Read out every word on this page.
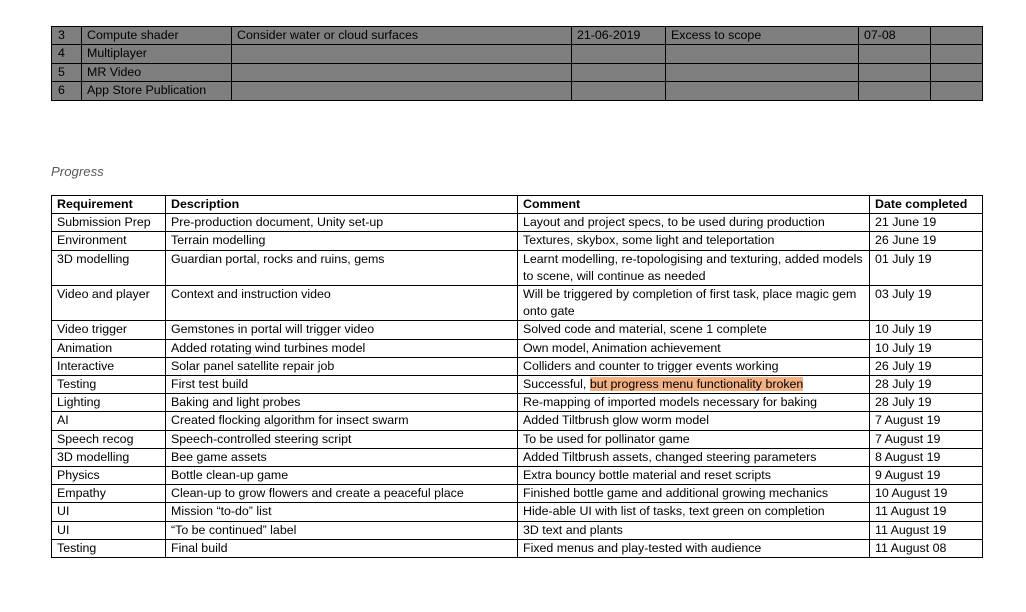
3	Compute shader	Consider water or cloud surfaces	21-06-2019	Excess to scope	07-08	
4	Multiplayer					
5	MR Video					
6	App Store Publication					
Progress
Requirement	Description	Comment	Date completed
Submission Prep	Pre-production document, Unity set-up	Layout and project specs, to be used during production	21 June 19
Environment	Terrain modelling	Textures, skybox, some light and teleportation	26 June 19
3D modelling	Guardian portal, rocks and ruins, gems	Learnt modelling, re-topologising and texturing, added models to scene, will continue as needed	01 July 19
Video and player	Context and instruction video	Will be triggered by completion of first task, place magic gem onto gate	03 July 19
Video trigger	Gemstones in portal will trigger video	Solved code and material, scene 1 complete	10 July 19
Animation	Added rotating wind turbines model	Own model, Animation achievement	10 July 19
Interactive	Solar panel satellite repair job	Colliders and counter to trigger events working	26 July 19
Testing	First test build	Successful, but progress menu functionality broken	28 July 19
Lighting	Baking and light probes	Re-mapping of imported models necessary for baking	28 July 19
AI	Created flocking algorithm for insect swarm	Added Tiltbrush glow worm model	7 August 19
Speech recog	Speech-controlled steering script	To be used for pollinator game	7 August 19
3D modelling	Bee game assets	Added Tiltbrush assets, changed steering parameters	8 August 19
Physics	Bottle clean-up game	Extra bouncy bottle material and reset scripts	9 August 19
Empathy	Clean-up to grow flowers and create a peaceful place	Finished bottle game and additional growing mechanics	10 August 19
UI	Mission “to-do” list	Hide-able UI with list of tasks, text green on completion	11 August 19
UI	“To be continued” label	3D text and plants	11 August 19
Testing	Final build	Fixed menus and play-tested with audience	11 August 08
